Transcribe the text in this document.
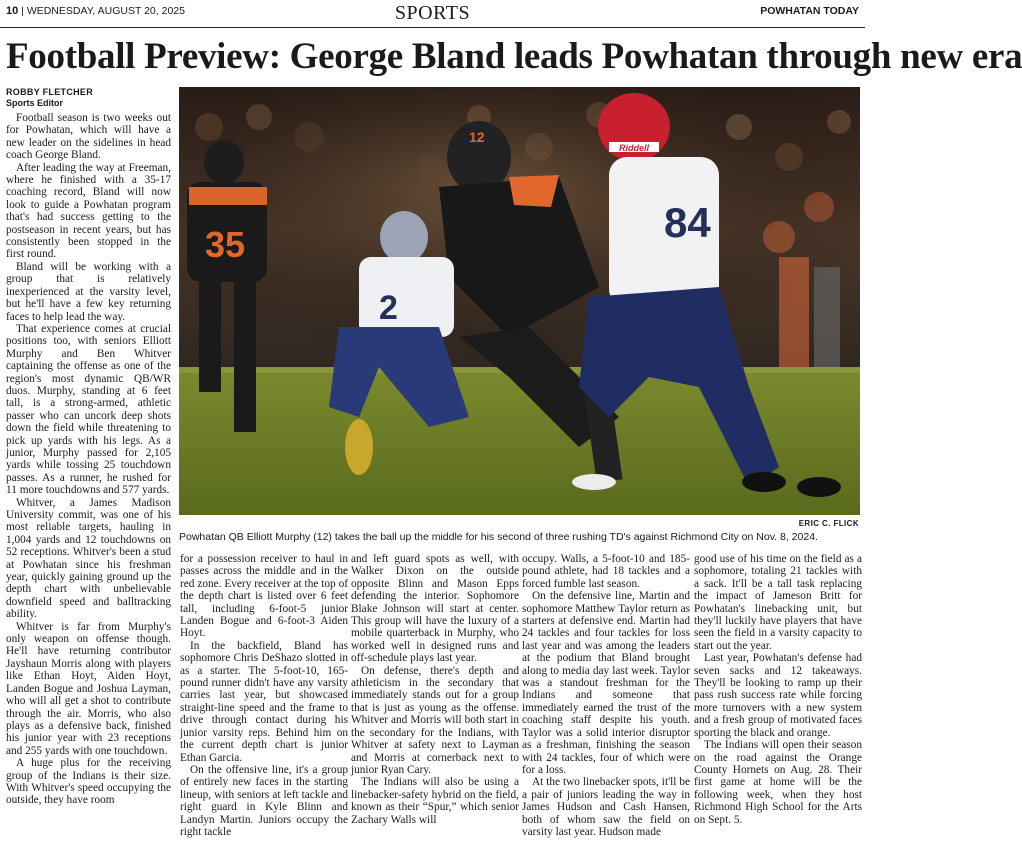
10 | WEDNESDAY, AUGUST 20, 2025	SPORTS	POWHATAN TODAY
Football Preview: George Bland leads Powhatan through new era
ROBBY FLETCHER
Sports Editor

Football season is two weeks out for Powhatan, which will have a new leader on the sidelines in head coach George Bland.

After leading the way at Freeman, where he finished with a 35-17 coaching record, Bland will now look to guide a Powhatan program that's had success getting to the postseason in recent years, but has consistently been stopped in the first round.

Bland will be working with a group that is relatively inexperienced at the varsity level, but he'll have a few key returning faces to help lead the way.

That experience comes at crucial positions too, with seniors Elliott Murphy and Ben Whitver captaining the offense as one of the region's most dynamic QB/WR duos. Murphy, standing at 6 feet tall, is a strong-armed, athletic passer who can uncork deep shots down the field while threatening to pick up yards with his legs. As a junior, Murphy passed for 2,105 yards while tossing 25 touchdown passes. As a runner, he rushed for 11 more touchdowns and 577 yards.

Whitver, a James Madison University commit, was one of his most reliable targets, hauling in 1,004 yards and 12 touchdowns on 52 receptions. Whitver's been a stud at Powhatan since his freshman year, quickly gaining ground up the depth chart with unbelievable downfield speed and balltracking ability.

Whitver is far from Murphy's only weapon on offense though. He'll have returning contributor Jayshaun Morris along with players like Ethan Hoyt, Aiden Hoyt, Landen Bogue and Joshua Layman, who will all get a shot to contribute through the air. Morris, who also plays as a defensive back, finished his junior year with 23 receptions and 255 yards with one touchdown.

A huge plus for the receiving group of the Indians is their size. With Whitver's speed occupying the outside, they have room

35
12
2
Riddell
84
ERIC C. FLICK
Powhatan QB Elliott Murphy (12) takes the ball up the middle for his second of three rushing TD's against Richmond City on Nov. 8, 2024.

for a possession receiver to haul in passes across the middle and in the red zone. Every receiver at the top of the depth chart is listed over 6 feet tall, including 6-foot-5 junior Landen Bogue and 6-foot-3 Aiden Hoyt.

In the backfield, Bland has sophomore Chris DeShazo slotted in as a starter. The 5-foot-10, 165-pound runner didn't have any varsity carries last year, but showcased straight-line speed and the frame to drive through contact during his junior varsity reps. Behind him on the current depth chart is junior Ethan Garcia.

On the offensive line, it's a group of entirely new faces in the starting lineup, with seniors at left tackle and right guard in Kyle Blinn and Landyn Martin. Juniors occupy the right tackle

and left guard spots as well, with Walker Dixon on the outside opposite Blinn and Mason Epps defending the interior. Sophomore Blake Johnson will start at center. This group will have the luxury of a mobile quarterback in Murphy, who worked well in designed runs and off-schedule plays last year.

On defense, there's depth and athleticism in the secondary that immediately stands out for a group that is just as young as the offense. Whitver and Morris will both start in the secondary for the Indians, with Whitver at safety next to Layman and Morris at cornerback next to junior Ryan Cary.

The Indians will also be using a linebacker-safety hybrid on the field, known as their “Spur,” which senior Zachary Walls will

occupy. Walls, a 5-foot-10 and 185-pound athlete, had 18 tackles and a forced fumble last season.

On the defensive line, Martin and sophomore Matthew Taylor return as starters at defensive end. Martin had 24 tackles and four tackles for loss last year and was among the leaders at the podium that Bland brought along to media day last week. Taylor was a standout freshman for the Indians and someone that immediately earned the trust of the coaching staff despite his youth. Taylor was a solid interior disruptor as a freshman, finishing the season with 24 tackles, four of which were for a loss.

At the two linebacker spots, it'll be a pair of juniors leading the way in James Hudson and Cash Hansen, both of whom saw the field on varsity last year. Hudson made

good use of his time on the field as a sophomore, totaling 21 tackles with a sack. It'll be a tall task replacing the impact of Jameson Britt for Powhatan's linebacking unit, but they'll luckily have players that have seen the field in a varsity capacity to start out the year.

Last year, Powhatan's defense had seven sacks and 12 takeaways. They'll be looking to ramp up their pass rush success rate while forcing more turnovers with a new system and a fresh group of motivated faces sporting the black and orange.

The Indians will open their season on the road against the Orange County Hornets on Aug. 28. Their first game at home will be the following week, when they host Richmond High School for the Arts on Sept. 5.
